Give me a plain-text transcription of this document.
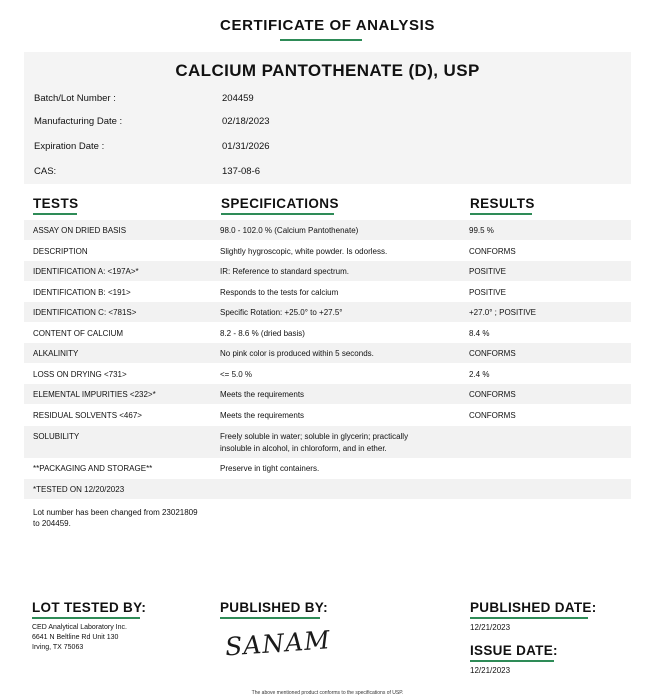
CERTIFICATE OF ANALYSIS
CALCIUM PANTOTHENATE (D), USP
Batch/Lot Number :	204459
Manufacturing Date :	02/18/2023
Expiration Date :	01/31/2026
CAS:	137-08-6
TESTS	SPECIFICATIONS	RESULTS
ASSAY ON DRIED BASIS	98.0 - 102.0 % (Calcium Pantothenate)	99.5 %
DESCRIPTION	Slightly hygroscopic, white powder. Is odorless.	CONFORMS
IDENTIFICATION A: <197A>*	IR: Reference to standard spectrum.	POSITIVE
IDENTIFICATION B: <191>	Responds to the tests for calcium	POSITIVE
IDENTIFICATION C: <781S>	Specific Rotation: +25.0° to +27.5°	+27.0° ; POSITIVE
CONTENT OF CALCIUM	8.2 - 8.6 % (dried basis)	8.4 %
ALKALINITY	No pink color is produced within 5 seconds.	CONFORMS
LOSS ON DRYING <731>	<= 5.0 %	2.4 %
ELEMENTAL IMPURITIES <232>*	Meets the requirements	CONFORMS
RESIDUAL SOLVENTS <467>	Meets the requirements	CONFORMS
SOLUBILITY	Freely soluble in water; soluble in glycerin; practically insoluble in alcohol, in chloroform, and in ether.
**PACKAGING AND STORAGE**	Preserve in tight containers.
*TESTED ON 12/20/2023
Lot number has been changed from 23021809 to 204459.
LOT TESTED BY:
CED Analytical Laboratory Inc.
6641 N Beltline Rd Unit 130
Irving, TX 75063
PUBLISHED BY:
SANAM
PUBLISHED DATE:
12/21/2023
ISSUE DATE:
12/21/2023
The above mentioned product conforms to the specifications of USP.
